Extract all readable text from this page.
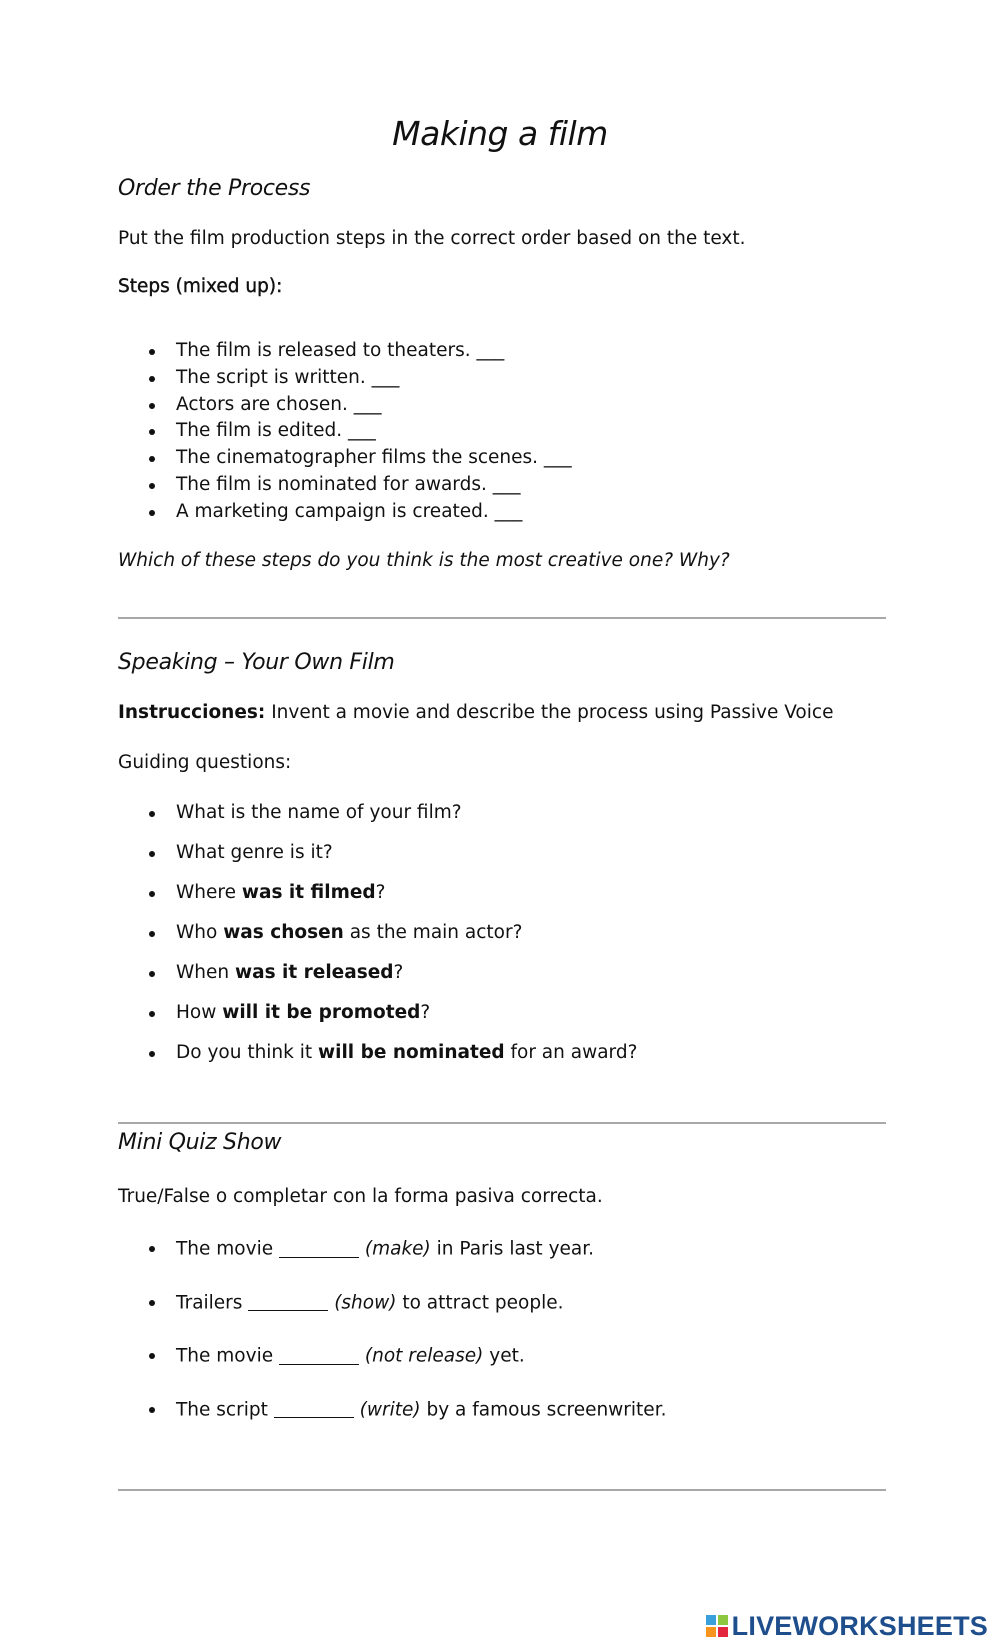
Making a film
Order the Process
Put the film production steps in the correct order based on the text.
Steps (mixed up):
The film is released to theaters. ___
The script is written. ___
Actors are chosen. ___
The film is edited. ___
The cinematographer films the scenes. ___
The film is nominated for awards. ___
A marketing campaign is created. ___
Which of these steps do you think is the most creative one? Why?
Speaking – Your Own Film
Instrucciones: Invent a movie and describe the process using Passive Voice
Guiding questions:
What is the name of your film?
What genre is it?
Where was it filmed?
Who was chosen as the main actor?
When was it released?
How will it be promoted?
Do you think it will be nominated for an award?
Mini Quiz Show
True/False o completar con la forma pasiva correcta.
The movie	(make) in Paris last year.
Trailers	(show) to attract people.
The movie	(not release) yet.
The script	(write) by a famous screenwriter.
LIVEWORKSHEETS
